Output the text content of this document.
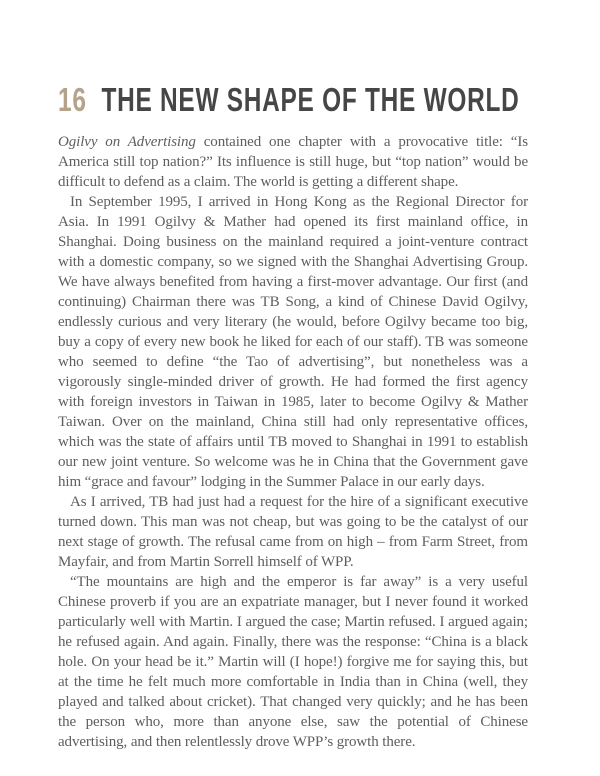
16 THE NEW SHAPE OF THE WORLD

Ogilvy on Advertising contained one chapter with a provocative title: “Is America still top nation?” Its influence is still huge, but “top nation” would be difficult to defend as a claim. The world is getting a different shape.

In September 1995, I arrived in Hong Kong as the Regional Director for Asia. In 1991 Ogilvy & Mather had opened its first mainland office, in Shanghai. Doing business on the mainland required a joint-venture contract with a domestic company, so we signed with the Shanghai Advertising Group. We have always benefited from having a first-mover advantage. Our first (and continuing) Chairman there was TB Song, a kind of Chinese David Ogilvy, endlessly curious and very literary (he would, before Ogilvy became too big, buy a copy of every new book he liked for each of our staff). TB was someone who seemed to define “the Tao of advertising”, but nonetheless was a vigorously single-minded driver of growth. He had formed the first agency with foreign investors in Taiwan in 1985, later to become Ogilvy & Mather Taiwan. Over on the mainland, China still had only representative offices, which was the state of affairs until TB moved to Shanghai in 1991 to establish our new joint venture. So welcome was he in China that the Government gave him “grace and favour” lodging in the Summer Palace in our early days.

As I arrived, TB had just had a request for the hire of a significant executive turned down. This man was not cheap, but was going to be the catalyst of our next stage of growth. The refusal came from on high – from Farm Street, from Mayfair, and from Martin Sorrell himself of WPP.

“The mountains are high and the emperor is far away” is a very useful Chinese proverb if you are an expatriate manager, but I never found it worked particularly well with Martin. I argued the case; Martin refused. I argued again; he refused again. And again. Finally, there was the response: “China is a black hole. On your head be it.” Martin will (I hope!) forgive me for saying this, but at the time he felt much more comfortable in India than in China (well, they played and talked about cricket). That changed very quickly; and he has been the person who, more than anyone else, saw the potential of Chinese advertising, and then relentlessly drove WPP’s growth there.
